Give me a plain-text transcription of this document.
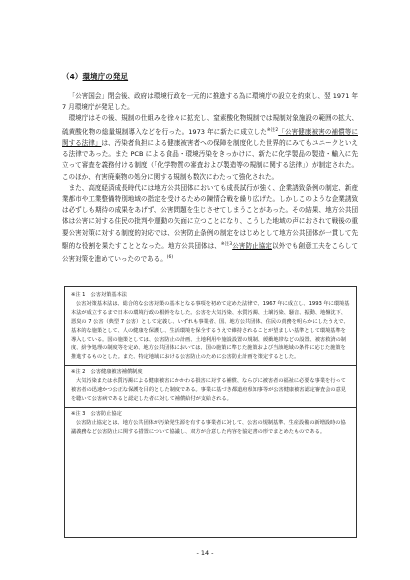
（4）環境庁の発足

「公害国会」閉会後、政府は環境行政を一元的に推進する為に環境庁の設立を約束し、翌 1971 年 7 月環境庁が発足した。

環境庁はその後、規制の仕組みを徐々に拡充し、窒素酸化物規制では規制対象施設の範囲の拡大、硫黄酸化物の総量規制導入などを行った。1973 年に新たに成立した$^{※注2}$「公害健康被害の補償等に関する法律」は、汚染者負担による健康被害者への保障を制度化した世界的にみてもユニークといえる法律であった。また PCB による食品・環境汚染をきっかけに、新たに化学製品の製造・輸入に先立って審査を義務付ける制度（「化学物質の審査および製造等の規制に関する法律」）が制定された。このほか、有害廃棄物の処分に関する規制も数次にわたって強化された。

また、高度経済成長時代には地方公共団体においても成長試行が強く、企業誘致条例の制定、新産業都市や工業整備特別地域の指定を受けるための陳情合戦を繰り広げた。しかしこのような企業誘致は必ずしも期待の成果をあげず、公害問題を生じさせてしまうことがあった。その結果、地方公共団体は公害に対する住民の批判や運動の矢面に立つことになり、こうした地域の声におされて戦後の重要公害対策に対する制度的対応では、公害防止条例の制定をはじめとして地方公共団体が一貫して先駆的な役割を果たすこととなった。地方公共団体は、$^{※注3}$公害防止協定以外でも創意工夫をこらして公害対策を進めていったのである。$^{(6)}$

※注 1　公害対策基本法

公害対策基本法は、総合的な公害対策の基本となる事項を初めて定めた法律で、1967 年に成立し、1993 年に環境基本法が成立するまで日本の環境行政の根幹をなした。公害を大気汚染、水質汚濁、土壌汚染、騒音、振動、地盤沈下、悪臭の 7 公害（典型 7 公害）として定義し、いずれも事業者、国、地方公共団体、住民の責務を明らかにしたうえで、基本的な施策として、人の健康を保護し、生活環境を保全するうえで維持されることが望ましい基準として環境基準を導入している。国の施策としては、公害防止の計画、土地利用や施設設置の規制、緩衝地帯などの設置、被害救済の制度、紛争処理の制度等を定め、地方公共団体においては、国の施策に準じた施策および当該地域の条件に応じた施策を推進するものとした。また、特定地域における公害防止のために公害防止計画を策定するとした。

※注 2　公害健康被害補償制度

大気汚染または水質汚濁による健康被害にかかわる損害に対する補償、ならびに被害者の福祉に必要な事業を行って被害者の迅速かつ公正な保護を目的とした制度である。事業に基づき都道府県知事等が公害健康被害認定審査会の意見を聴いて公害病であると認定した者に対して補償給付が支給される。

※注 3　公害防止協定

公害防止協定とは、地方公共団体が汚染発生源を有する事業者に対して、公害の規制基準、生産設備の新増設時の協議義務など公害防止に関する措置について協議し、双方が合意した内容を協定書の形でまとめたものである。

- 14 -
